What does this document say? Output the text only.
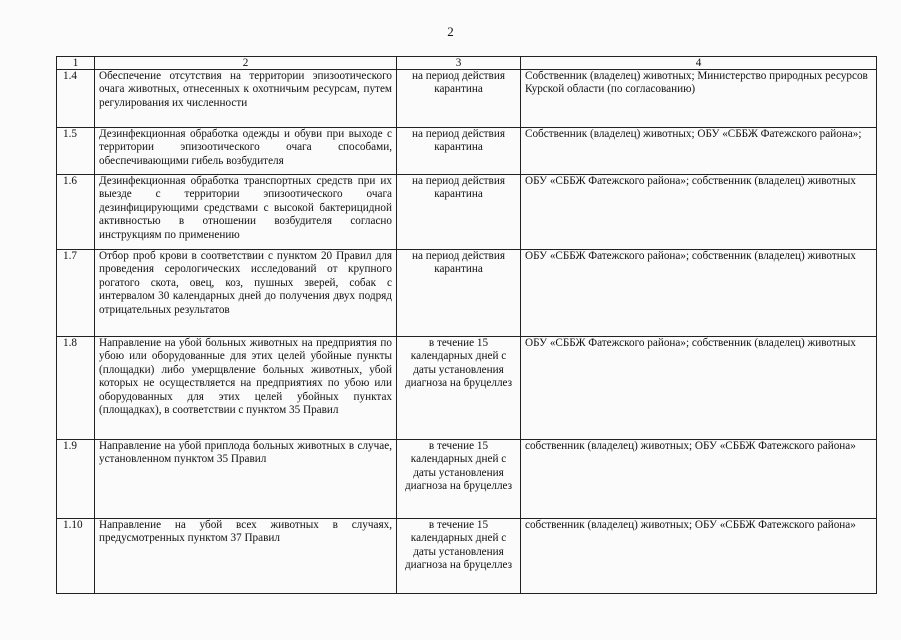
2
1	2	3	4
1.4	Обеспечение отсутствия на территории эпизоотического очага животных, отнесенных к охотничьим ресурсам, путем регулирования их численности	на период действия карантина	Собственник (владелец) животных; Министерство природных ресурсов Курской области (по согласованию)
1.5	Дезинфекционная обработка одежды и обуви при выходе с территории эпизоотического очага способами, обеспечивающими гибель возбудителя	на период действия карантина	Собственник (владелец) животных; ОБУ «СББЖ Фатежского района»;
1.6	Дезинфекционная обработка транспортных средств при их выезде с территории эпизоотического очага дезинфицирующими средствами с высокой бактерицидной активностью в отношении возбудителя согласно инструкциям по применению	на период действия карантина	ОБУ «СББЖ Фатежского района»; собственник (владелец) животных
1.7	Отбор проб крови в соответствии с пунктом 20 Правил для проведения серологических исследований от крупного рогатого скота, овец, коз, пушных зверей, собак с интервалом 30 календарных дней до получения двух подряд отрицательных результатов	на период действия карантина	ОБУ «СББЖ Фатежского района»; собственник (владелец) животных
1.8	Направление на убой больных животных на предприятия по убою или оборудованные для этих целей убойные пункты (площадки) либо умерщвление больных животных, убой которых не осуществляется на предприятиях по убою или оборудованных для этих целей убойных пунктах (площадках), в соответствии с пунктом 35 Правил	в течение 15 календарных дней с даты установления диагноза на бруцеллез	ОБУ «СББЖ Фатежского района»; собственник (владелец) животных
1.9	Направление на убой приплода больных животных в случае, установленном пунктом 35 Правил	в течение 15 календарных дней с даты установления диагноза на бруцеллез	собственник (владелец) животных; ОБУ «СББЖ Фатежского района»
1.10	Направление на убой всех животных в случаях, предусмотренных пунктом 37 Правил	в течение 15 календарных дней с даты установления диагноза на бруцеллез	собственник (владелец) животных; ОБУ «СББЖ Фатежского района»
